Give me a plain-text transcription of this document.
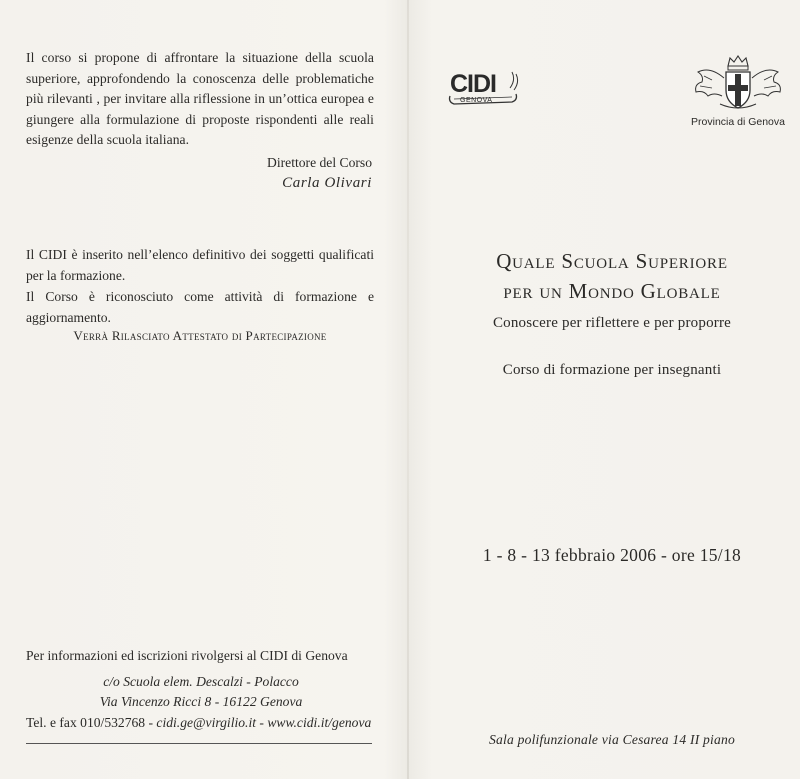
Il corso si propone di affrontare la situazione della scuola superiore, approfondendo la conoscenza delle problematiche più rilevanti , per invitare alla riflessione in un’ottica europea e giungere alla formulazione di proposte rispondenti alle reali esigenze della scuola italiana.

Direttore del Corso
Carla Olivari

Il CIDI è inserito nell’elenco definitivo dei soggetti qualificati per la formazione.

Il Corso è riconosciuto come attività di formazione e aggiornamento.

Verrà Rilasciato Attestato di Partecipazione
Per informazioni ed iscrizioni rivolgersi al CIDI di Genova
c/o Scuola elem. Descalzi - Polacco
Via Vincenzo Ricci 8 - 16122 Genova
Tel. e fax 010/532768 - cidi.ge@virgilio.it - www.cidi.it/genova
CIDI
GENOVA
Provincia di Genova
Quale Scuola Superiore
per un Mondo Globale
Conoscere per riflettere e per proporre
Corso di formazione per insegnanti
1 - 8 - 13 febbraio 2006 - ore 15/18
Sala polifunzionale via Cesarea 14 II piano
